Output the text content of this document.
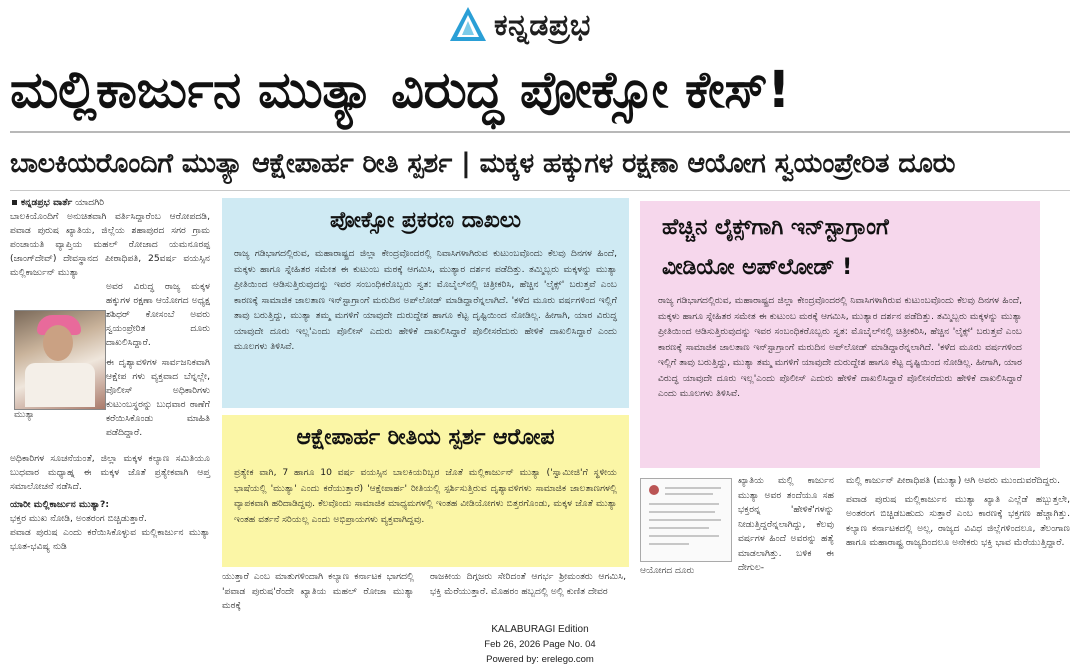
ಕನ್ನಡಪ್ರಭ
ಮಲ್ಲಿಕಾರ್ಜುನ ಮುತ್ಯಾ ವಿರುದ್ಧ ಪೋಕ್ಸೋ ಕೇಸ್!
ಬಾಲಕಿಯರೊಂದಿಗೆ ಮುತ್ಯಾ ಆಕ್ಷೇಪಾರ್ಹ ರೀತಿ ಸ್ಪರ್ಶ | ಮಕ್ಕಳ ಹಕ್ಕುಗಳ ರಕ್ಷಣಾ ಆಯೋಗ ಸ್ವಯಂಪ್ರೇರಿತ ದೂರು

ಕನ್ನಡಪ್ರಭ ವಾರ್ತೆ ಯಾದಗಿರಿ

ಬಾಲಕಿಯೊಂದಿಗೆ ಅನುಚಿತವಾಗಿ ವರ್ತಿಸಿದ್ದಾರೆಂಬ ಆರೋಪದಡಿ, ಪವಾಡ ಪುರುಷ ಖ್ಯಾತಿಯ, ಜಿಲ್ಲೆಯ ಶಹಾಪುರದ ಸಗರ ಗ್ರಾಮ ಪಂಚಾಯತಿ ವ್ಯಾಪ್ತಿಯ ಮಹಲ್ ರೋಜಾದ ಯಮನೂರಪ್ಪ (ಜಾಂಗ್‌ದೇವ್) ದೇವಸ್ಥಾನದ ಪೀಠಾಧಿಪತಿ, 25ವರ್ಷ ವಯಸ್ಸಿನ ಮಲ್ಲಿಕಾರ್ಜುನ್ ಮುತ್ಯಾ

ಅವರ ವಿರುದ್ಧ ರಾಜ್ಯ ಮಕ್ಕಳ ಹಕ್ಕುಗಳ ರಕ್ಷಣಾ ಆಯೋಗದ ಅಧ್ಯಕ್ಷ ಶಶಿಧರ್ ಕೋಸಂಬೆ ಅವರು ಸ್ವಯಂಪ್ರೇರಿತ ದೂರು ದಾಖಲಿಸಿದ್ದಾರೆ.

ಈ ದೃಶ್ಯಾವಳಿಗಳ ಸಾರ್ವಜನಿಕವಾಗಿ ಆಕ್ಷೇಪ ಗಳು ವ್ಯಕ್ತವಾದ ಬೆನ್ನಲ್ಲೇ, ಪೊಲೀಸ್ ಅಧಿಕಾರಿಗಳು ಕುಟುಂಬಸ್ಥರನ್ನು ಬುಧವಾರ ಠಾಣೆಗೆ ಕರೆಯಿಸಿಕೊಂಡು ಮಾಹಿತಿ ಪಡೆದಿದ್ದಾರೆ.

ಅಧಿಕಾರಿಗಳ ಸೂಚನೆಯಂತೆ, ಜಿಲ್ಲಾ ಮಕ್ಕಳ ಕಲ್ಯಾಣ ಸಮಿತಿಯೂ ಬುಧವಾರ ಮಧ್ಯಾಹ್ನ ಈ ಮಕ್ಕಳ ಜೊತೆ ಪ್ರತ್ಯೇಕವಾಗಿ ಆಪ್ತ ಸಮಾಲೋಚನೆ ನಡೆಸಿದೆ.

ಯಾರೀ ಮಲ್ಲಿಕಾರ್ಜುನ ಮುತ್ಯಾ?:

ಭಕ್ತರ ಮುಖ ನೋಡಿ, ಅಂತರಂಗ ಬಿಚ್ಚಿಡುತ್ತಾರೆ.

ಪವಾಡ ಪುರುಷ ಎಂದು ಕರೆಯಿಸಿಕೊಳ್ಳುವ ಮಲ್ಲಿಕಾರ್ಜುನ ಮುತ್ಯಾ ಭೂತ-ಭವಿಷ್ಯ ನುಡಿ

ಮುತ್ಯಾ
ಪೋಕ್ಸೋ ಪ್ರಕರಣ ದಾಖಲು
ರಾಜ್ಯ ಗಡಿಭಾಗದಲ್ಲಿರುವ, ಮಹಾರಾಷ್ಟ್ರದ ಜಿಲ್ಲಾ ಕೇಂದ್ರವೊಂದರಲ್ಲಿ ನಿವಾಸಿಗಳಾಗಿರುವ ಕುಟುಂಬವೊಂದು ಕೆಲವು ದಿನಗಳ ಹಿಂದೆ, ಮಕ್ಕಳು ಹಾಗೂ ಸ್ನೇಹಿತರ ಸಮೇತ ಈ ಕುಟುಂಬ ಮಠಕ್ಕೆ ಆಗಮಿಸಿ, ಮುತ್ಯಾರ ದರ್ಶನ ಪಡೆದಿತ್ತು. ತಮ್ಮಿಬ್ಬರು ಮಕ್ಕಳನ್ನು ಮುತ್ಯಾ ಪ್ರೀತಿಯಿಂದ ಆಡಿಸುತ್ತಿರುವುದನ್ನು ಇವರ ಸಂಬಂಧಿಕರೊಬ್ಬರು ಸ್ವತ: ಮೊಬೈಲ್‌ನಲ್ಲಿ ಚಿತ್ರೀಕರಿಸಿ, ಹೆಚ್ಚಿನ 'ಲೈಕ್ಸ್' ಬರುತ್ತವೆ ಎಂಬ ಕಾರಣಕ್ಕೆ ಸಾಮಾಜಿಕ ಜಾಲತಾಣ ಇನ್‌ಸ್ಟಾಗ್ರಾಂಗೆ ಮರುದಿನ ಅಪ್‌ಲೋಡ್ ಮಾಡಿದ್ದಾರೆನ್ನಲಾಗಿದೆ. 'ಕಳೆದ ಮೂರು ವರ್ಷಗಳಿಂದ ಇಲ್ಲಿಗೆ ತಾವು ಬರುತ್ತಿದ್ದು, ಮುತ್ಯಾ ತಮ್ಮ ಮಗಳಿಗೆ ಯಾವುದೇ ದುರುದ್ದೇಶ ಹಾಗೂ ಕೆಟ್ಟ ದೃಷ್ಟಿಯಿಂದ ನೋಡಿಲ್ಲ. ಹೀಗಾಗಿ, ಯಾರ ವಿರುದ್ಧ ಯಾವುದೇ ದೂರು ಇಲ್ಲ'ಎಂದು ಪೊಲೀಸ್ ಎದುರು ಹೇಳಿಕೆ ದಾಖಲಿಸಿದ್ದಾರೆ ಪೊಲೀಸರೆದುರು ಹೇಳಿಕೆ ದಾಖಲಿಸಿದ್ದಾರೆ ಎಂದು ಮೂಲಗಳು ತಿಳಿಸಿವೆ.
ಹೆಚ್ಚಿನ ಲೈಕ್ಸ್‌ಗಾಗಿ ಇನ್‌ಸ್ಟಾಗ್ರಾಂಗೆ
ವೀಡಿಯೋ ಅಪ್‌ಲೋಡ್ !
ರಾಜ್ಯ ಗಡಿಭಾಗದಲ್ಲಿರುವ, ಮಹಾರಾಷ್ಟ್ರದ ಜಿಲ್ಲಾ ಕೇಂದ್ರವೊಂದರಲ್ಲಿ ನಿವಾಸಿಗಳಾಗಿರುವ ಕುಟುಂಬವೊಂದು ಕೆಲವು ದಿನಗಳ ಹಿಂದೆ, ಮಕ್ಕಳು ಹಾಗೂ ಸ್ನೇಹಿತರ ಸಮೇತ ಈ ಕುಟುಂಬ ಮಠಕ್ಕೆ ಆಗಮಿಸಿ, ಮುತ್ಯಾರ ದರ್ಶನ ಪಡೆದಿತ್ತು. ತಮ್ಮಿಬ್ಬರು ಮಕ್ಕಳನ್ನು ಮುತ್ಯಾ ಪ್ರೀತಿಯಿಂದ ಆಡಿಸುತ್ತಿರುವುದನ್ನು ಇವರ ಸಂಬಂಧಿಕರೊಬ್ಬರು ಸ್ವತ: ಮೊಬೈಲ್‌ನಲ್ಲಿ ಚಿತ್ರೀಕರಿಸಿ, ಹೆಚ್ಚಿನ 'ಲೈಕ್ಸ್' ಬರುತ್ತವೆ ಎಂಬ ಕಾರಣಕ್ಕೆ ಸಾಮಾಜಿಕ ಜಾಲತಾಣ ಇನ್‌ಸ್ಟಾಗ್ರಾಂಗೆ ಮರುದಿನ ಅಪ್‌ಲೋಡ್ ಮಾಡಿದ್ದಾರೆನ್ನಲಾಗಿದೆ. 'ಕಳೆದ ಮೂರು ವರ್ಷಗಳಿಂದ ಇಲ್ಲಿಗೆ ತಾವು ಬರುತ್ತಿದ್ದು, ಮುತ್ಯಾ ತಮ್ಮ ಮಗಳಿಗೆ ಯಾವುದೇ ದುರುದ್ದೇಶ ಹಾಗೂ ಕೆಟ್ಟ ದೃಷ್ಟಿಯಿಂದ ನೋಡಿಲ್ಲ. ಹೀಗಾಗಿ, ಯಾರ ವಿರುದ್ಧ ಯಾವುದೇ ದೂರು ಇಲ್ಲ'ಎಂದು ಪೊಲೀಸ್ ಎದುರು ಹೇಳಿಕೆ ದಾಖಲಿಸಿದ್ದಾರೆ ಪೊಲೀಸರೆದುರು ಹೇಳಿಕೆ ದಾಖಲಿಸಿದ್ದಾರೆ ಎಂದು ಮೂಲಗಳು ತಿಳಿಸಿವೆ.
ಆಕ್ಷೇಪಾರ್ಹ ರೀತಿಯ ಸ್ಪರ್ಶ ಆರೋಪ
ಪ್ರತ್ಯೇಕ ವಾಗಿ, 7 ಹಾಗೂ 10 ವರ್ಷ ವಯಸ್ಸಿನ ಬಾಲಕಿಯರಿಬ್ಬರ ಜೊತೆ ಮಲ್ಲಿಕಾರ್ಜುನ್ ಮುತ್ಯಾ ('ಸ್ವಾಮೀಜಿ'ಗೆ ಸ್ಥಳೀಯ ಭಾಷೆಯಲ್ಲಿ 'ಮುತ್ಯಾ' ಎಂದು ಕರೆಯುತ್ತಾರೆ) 'ಆಕ್ಷೇಪಾರ್ಹ' ರೀತಿಯಲ್ಲಿ ಸ್ಪರ್ಶಿಸುತ್ತಿರುವ ದೃಶ್ಯಾವಳಿಗಳು ಸಾಮಾಜಿಕ ಜಾಲತಾಣಗಳಲ್ಲಿ ವ್ಯಾಪಕವಾಗಿ ಹರಿದಾಡಿದ್ದವು. ಕೆಲವೊಂದು ಸಾಮಾಜಿಕ ಮಾಧ್ಯಮಗಳಲ್ಲಿ ಇಂತಹ ವೀಡಿಯೋಗಳು ಬಿತ್ತರಗೊಂಡು, ಮಕ್ಕಳ ಜೊತೆ ಮುತ್ಯಾ ಇಂತಹ ವರ್ತನೆ ಸರಿಯಲ್ಲ ಎಂದು ಅಭಿಪ್ರಾಯಗಳು ವ್ಯಕ್ತವಾಗಿದ್ದವು.
ಯುತ್ತಾರೆ ಎಂಬ ಮಾತುಗಳಿಂದಾಗಿ ಕಲ್ಯಾಣ ಕರ್ನಾಟಕ ಭಾಗದಲ್ಲಿ 'ಪವಾಡ ಪುರುಷ'ರೆಂದೇ ಖ್ಯಾತಿಯ ಮಹಲ್ ರೋಜಾ ಮುತ್ಯಾ ಮಠಕ್ಕೆ
ರಾಜಕೀಯ ದಿಗ್ಗಜರು ಸೇರಿದಂತೆ ಆಗರ್ಭ ಶ್ರೀಮಂತರು ಆಗಮಿಸಿ, ಭಕ್ತಿ ಮೆರೆಯುತ್ತಾರೆ. ಮೊಹರಂ ಹಬ್ಬದಲ್ಲಿ ಅಲ್ಲಿ ಕುಣಿತ ದೇವರ
ಆಯೋಗದ ದೂರು
ಖ್ಯಾತಿಯ ಮಲ್ಲಿ ಕಾರ್ಜುನ ಮುತ್ಯಾ ಅವರ ತಂದೆಯೂ ಸಹ ಭಕ್ತರನ್ನ 'ಹೇಳಿಕೆ'ಗಳನ್ನು ನೀಡುತ್ತಿದ್ದರೆನ್ನಲಾಗಿದ್ದು, ಕೆಲವು ವರ್ಷಗಳ ಹಿಂದೆ ಅವರನ್ನು ಹತ್ಯೆ ಮಾಡಲಾಗಿತ್ತು. ಬಳಿಕ ಈ ದೇಗುಲ-

ಮಲ್ಲಿ ಕಾರ್ಜುನ್ ಪೀಠಾಧಿಪತಿ (ಮುತ್ಯಾ) ಆಗಿ ಅವರು ಮುಂದುವರೆದಿದ್ದರು.

ಪವಾಡ ಪುರುಷ ಮಲ್ಲಿಕಾರ್ಜುನ ಮುತ್ಯಾ ಖ್ಯಾತಿ ಎಲ್ಲೆಡೆ ಹಬ್ಬುತ್ತಲೇ, ಅಂತರಂಗ ಬಿಚ್ಚಿಡಬಹುದು ಸುತ್ತಾರೆ ಎಂಬ ಕಾರಣಕ್ಕೆ ಭಕ್ತಗಣ ಹೆಚ್ಚಾಗಿತ್ತು. ಕಲ್ಯಾಣ ಕರ್ನಾಟಕದಲ್ಲಿ ಅಲ್ಲ, ರಾಜ್ಯದ ವಿವಿಧ ಜಿಲ್ಲೆಗಳಿಂದಲೂ, ತೆಲಂಗಾಣ ಹಾಗೂ ಮಹಾರಾಷ್ಟ್ರ ರಾಜ್ಯದಿಂದಲೂ ಅನೇಕರು ಭಕ್ತಿ ಭಾವ ಮೆರೆಯುತ್ತಿದ್ದಾರೆ.

KALABURAGI Edition
Feb 26, 2026 Page No. 04
Powered by: erelego.com
